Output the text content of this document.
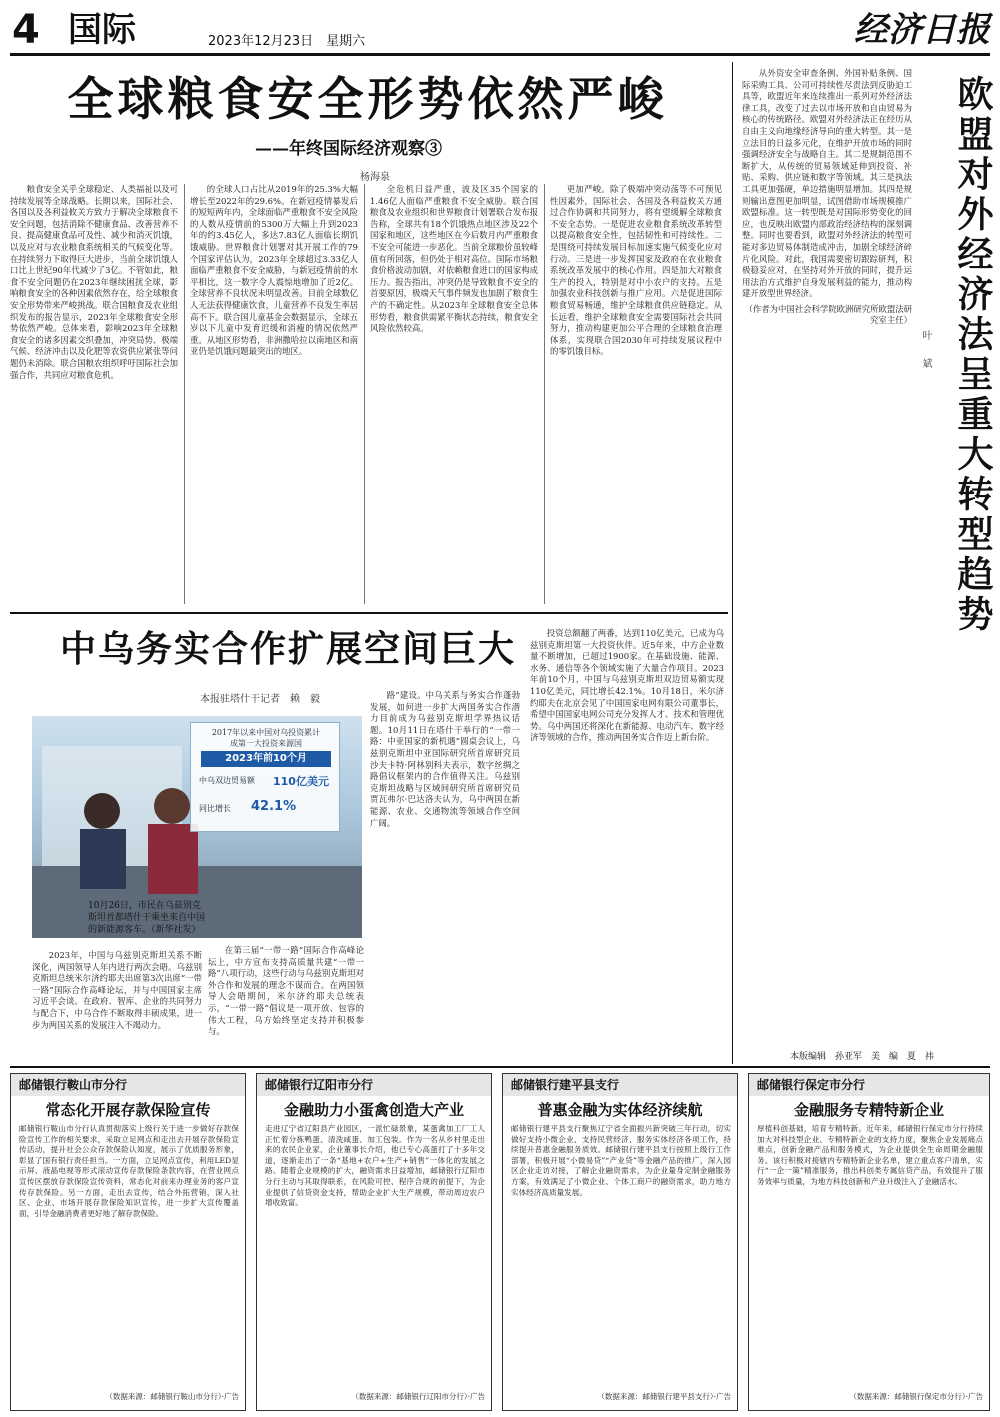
4 国际	2023年12月23日　星期六	经济日报
全球粮食安全形势依然严峻
——年终国际经济观察③
杨海泉

粮食安全关乎全球稳定、人类福祉以及可持续发展等全球战略。长期以来，国际社会、各国以及各利益攸关方致力于解决全球粮食不安全问题，包括消除不健康食品、改善营养不良、提高健康食品可及性、减少和消灭饥饿，以及应对与农业粮食系统相关的气候变化等。在持续努力下取得巨大进步，当前全球饥饿人口比上世纪90年代减少了3亿。不管如此，粮食不安全问题仍在2023年继续困扰全球，影响粮食安全的各种因素依然存在，给全球粮食安全形势带来严峻挑战。联合国粮食及农业组织发布的报告显示，2023年全球粮食安全形势依然严峻。总体来看，影响2023年全球粮食安全的诸多因素交织叠加，冲突局势、极端气候、经济冲击以及化肥等农资供应紧张等问题仍未消除。联合国粮农组织呼吁国际社会加强合作，共同应对粮食危机。

的全球人口占比从2019年的25.3%大幅增长至2022年的29.6%。在新冠疫情暴发后的短短两年内，全球面临严重粮食不安全风险的人数从疫情前的5300万大幅上升到2023年的约3.45亿人，多达7.83亿人面临长期饥饿威胁。世界粮食计划署对其开展工作的79个国家评估认为，2023年全球超过3.33亿人面临严重粮食不安全威胁，与新冠疫情前的水平相比，这一数字令人震惊地增加了近2亿。全球营养不良状况未明显改善。目前全球数亿人无法获得健康饮食，儿童营养不良发生率居高不下。联合国儿童基金会数据显示，全球五岁以下儿童中发育迟缓和消瘦的情况依然严重。从地区形势看，非洲撒哈拉以南地区和南亚仍是饥饿问题最突出的地区。

全危机日益严重，波及区35个国家的1.46亿人面临严重粮食不安全威胁。联合国粮食及农业组织和世界粮食计划署联合发布报告称，全球共有18个饥饿热点地区涉及22个国家和地区，这些地区在今后数月内严重粮食不安全可能进一步恶化。当前全球粮价虽较峰值有所回落，但仍处于相对高位。国际市场粮食价格波动加剧，对依赖粮食进口的国家构成压力。报告指出，冲突仍是导致粮食不安全的首要原因，极端天气事件频发也加剧了粮食生产的不确定性。从2023年全球粮食安全总体形势看，粮食供需紧平衡状态持续，粮食安全风险依然较高。

更加严峻。除了极端冲突动荡等不可预见性因素外，国际社会、各国及各利益攸关方通过合作协调和共同努力，将有望缓解全球粮食不安全态势。一是促进农业粮食系统改革转型以提高粮食安全性，包括韧性和可持续性。二是围绕可持续发展目标加速实施气候变化应对行动。三是进一步发挥国家及政府在农业粮食系统改革发展中的核心作用。四是加大对粮食生产的投入，特别是对中小农户的支持。五是加强农业科技创新与推广应用。六是促进国际粮食贸易畅通，维护全球粮食供应链稳定。从长远看，维护全球粮食安全需要国际社会共同努力，推动构建更加公平合理的全球粮食治理体系，实现联合国2030年可持续发展议程中的零饥饿目标。	欧盟对外经济法呈重大转型趋势
叶　斌

从外资安全审查条例、外国补贴条例、国际采购工具、公司可持续性尽责法到反胁迫工具等，欧盟近年来连续推出一系列对外经济法律工具，改变了过去以市场开放和自由贸易为核心的传统路径。欧盟对外经济法正在经历从自由主义向地缘经济导向的重大转型。其一是立法目的日益多元化，在维护开放市场的同时强调经济安全与战略自主。其二是规制范围不断扩大，从传统的贸易领域延伸到投资、补贴、采购、供应链和数字等领域。其三是执法工具更加强硬，单边措施明显增加。其四是规则输出意图更加明显，试图借助市场规模推广欧盟标准。这一转型既是对国际形势变化的回应，也反映出欧盟内部政治经济结构的深刻调整。同时也要看到，欧盟对外经济法的转型可能对多边贸易体制造成冲击，加剧全球经济碎片化风险。对此，我国需要密切跟踪研判，积极稳妥应对，在坚持对外开放的同时，提升运用法治方式维护自身发展利益的能力，推动构建开放型世界经济。

（作者为中国社会科学院欧洲研究所欧盟法研究室主任）

本版编辑　孙亚军　美　编　夏　祎
中乌务实合作扩展空间巨大
本报驻塔什干记者　赖　毅
2017年以来中国对乌投资累计
成第一大投资来源国
2023年前10个月
中乌双边贸易额 110亿美元
同比增长 42.1%
10月26日，市民在乌兹别克斯坦首都塔什干乘坐来自中国的新能源客车。（新华社发）

路”建设。中乌关系与务实合作蓬勃发展，如何进一步扩大两国务实合作潜力目前成为乌兹别克斯坦学界热议话题。10月11日在塔什干举行的“一带一路：中亚国家的新机遇”圆桌会议上，乌兹别克斯坦中亚国际研究所首席研究员沙夫卡特·阿林别科夫表示，数字丝绸之路倡议框架内的合作值得关注。乌兹别克斯坦战略与区域间研究所首席研究员贾瓦弗尔·巴达洛夫认为，乌中两国在新能源、农业、交通物流等领域合作空间广阔。

投资总额翻了两番，达到110亿美元，已成为乌兹别克斯坦第一大投资伙伴。近5年来，中方企业数量不断增加，已超过1900家。在基础设施、能源、水务、通信等各个领域实施了大量合作项目。2023年前10个月，中国与乌兹别克斯坦双边贸易额实现110亿美元，同比增长42.1%。10月18日，米尔济约耶夫在北京会见了中国国家电网有限公司董事长，希望中国国家电网公司充分发挥人才、技术和管理优势。乌中两国还将深化在新能源、电动汽车、数字经济等领域的合作，推动两国务实合作迈上新台阶。

2023年，中国与乌兹别克斯坦关系不断深化，两国领导人年内进行两次会晤。乌兹别克斯坦总统米尔济约耶夫出席第3次出席“一带一路”国际合作高峰论坛，并与中国国家主席习近平会谈。在政府、智库、企业的共同努力与配合下，中乌合作不断取得丰硕成果，进一步为两国关系的发展注入不竭动力。

在第三届“一带一路”国际合作高峰论坛上，中方宣布支持高质量共建“一带一路”八项行动，这些行动与乌兹别克斯坦对外合作和发展的理念不谋而合。在两国领导人会晤期间，米尔济约耶夫总统表示，“一带一路”倡议是一项开放、包容的伟大工程，乌方始终坚定支持并积极参与。

邮储银行鞍山市分行
常态化开展存款保险宣传
邮储银行鞍山市分行认真贯彻落实上级行关于进一步做好存款保险宣传工作的相关要求，采取立足网点和走出去开展存款保险宣传活动，提升社会公众存款保险认知度，展示了优质服务形象，彰显了国有银行责任担当。一方面，立足网点宣传，利用LED显示屏、液晶电视等形式滚动宣传存款保险条款内容，在营业网点宣传区摆放存款保险宣传资料，常态化对前来办理业务的客户宣传存款保险。另一方面，走出去宣传，结合外拓营销，深入社区、企业、市场开展存款保险知识宣传，进一步扩大宣传覆盖面，引导金融消费者更好地了解存款保险。
（数据来源：邮储银行鞍山市分行）·广告
邮储银行辽阳市分行
金融助力小蛋禽创造大产业
走进辽宁省辽阳县产业园区，一派忙碌景象，某蛋禽加工厂工人正忙着分拣鸭蛋、清洗咸蛋、加工包装。作为一名从乡村里走出来的农民企业家，企业董事长介绍，他已专心高蛋打了十多年交道，逐渐走出了一条“基地+农户+生产+销售”一体化的发展之路。随着企业规模的扩大，融资需求日益增加，邮储银行辽阳市分行主动与其取得联系，在风险可控、程序合规的前提下，为企业提供了信贷资金支持，帮助企业扩大生产规模，带动周边农户增收致富。
（数据来源：邮储银行辽阳市分行）·广告
邮储银行建平县支行
普惠金融为实体经济续航
邮储银行建平县支行聚焦辽宁省全面振兴新突破三年行动，切实做好支持小微企业、支持民营经济、服务实体经济各项工作，持续提升普惠金融服务质效。邮储银行建平县支行按照上级行工作部署，积极开展“小微易贷”“产业贷”等金融产品的推广，深入园区企业走访对接，了解企业融资需求，为企业量身定制金融服务方案，有效满足了小微企业、个体工商户的融资需求，助力地方实体经济高质量发展。
（数据来源：邮储银行建平县支行）·广告
邮储银行保定市分行
金融服务专精特新企业
厚植科创基础，培育专精特新。近年来，邮储银行保定市分行持续加大对科技型企业、专精特新企业的支持力度，聚焦企业发展痛点难点，创新金融产品和服务模式，为企业提供全生命周期金融服务。该行积极对接辖内专精特新企业名单，建立重点客户清单，实行“一企一策”精准服务，推出科创类专属信贷产品，有效提升了服务效率与质量，为地方科技创新和产业升级注入了金融活水。
（数据来源：邮储银行保定市分行）·广告
